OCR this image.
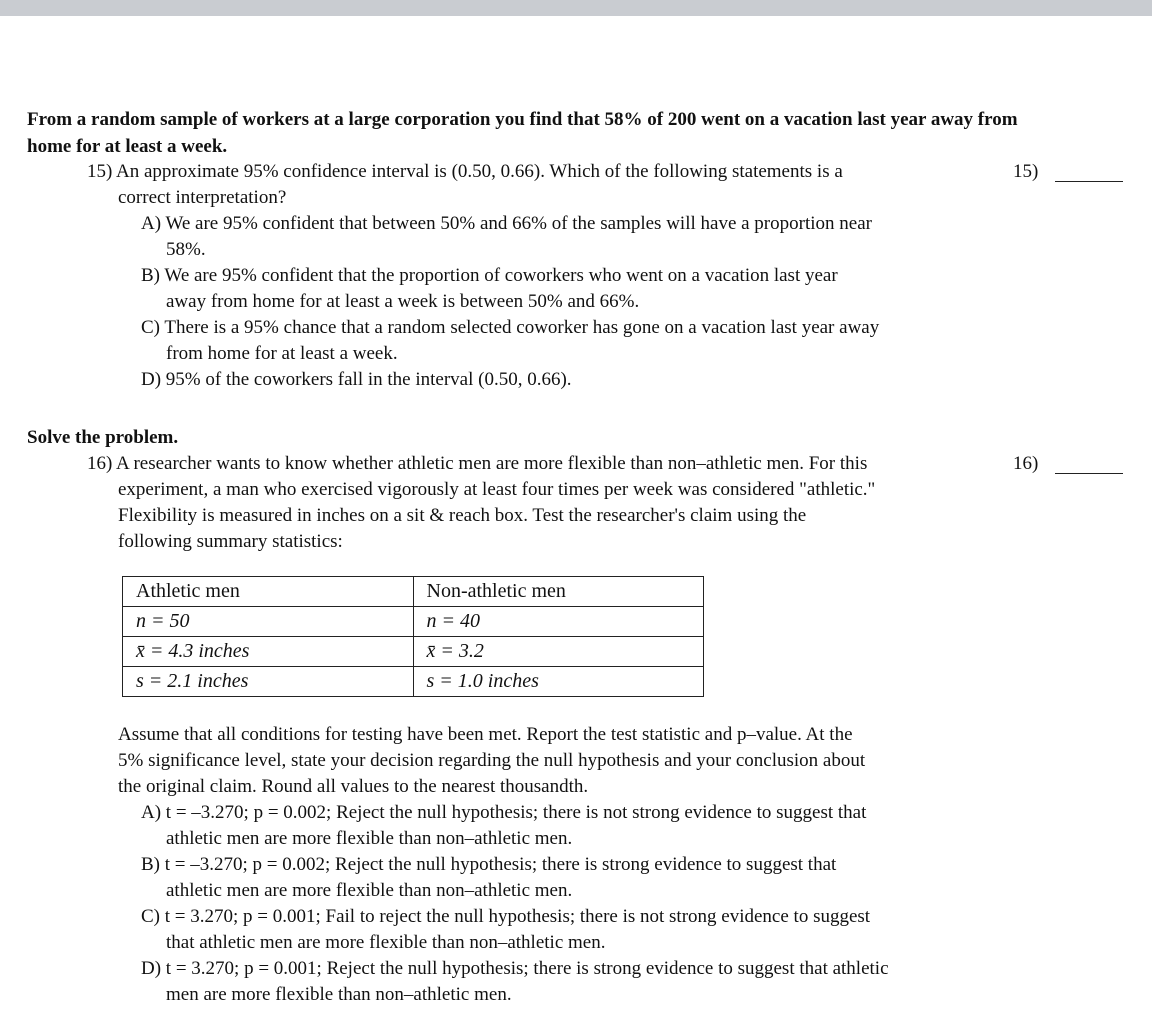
From a random sample of workers at a large corporation you find that 58% of 200 went on a vacation last year away from
home for at least a week.
15) An approximate 95% confidence interval is (0.50, 0.66). Which of the following statements is a
correct interpretation?
15)
A) We are 95% confident that between 50% and 66% of the samples will have a proportion near
58%.
B) We are 95% confident that the proportion of coworkers who went on a vacation last year
away from home for at least a week is between 50% and 66%.
C) There is a 95% chance that a random selected coworker has gone on a vacation last year away
from home for at least a week.
D) 95% of the coworkers fall in the interval (0.50, 0.66).
Solve the problem.
16) A researcher wants to know whether athletic men are more flexible than non–athletic men. For this
experiment, a man who exercised vigorously at least four times per week was considered "athletic."
Flexibility is measured in inches on a sit & reach box. Test the researcher's claim using the
following summary statistics:
16)
Athletic men	Non-athletic men
n = 50	n = 40
x̄ = 4.3 inches	x̄ = 3.2
s = 2.1 inches	s = 1.0 inches
Assume that all conditions for testing have been met. Report the test statistic and p–value. At the
5% significance level, state your decision regarding the null hypothesis and your conclusion about
the original claim. Round all values to the nearest thousandth.
A) t = –3.270; p = 0.002; Reject the null hypothesis; there is not strong evidence to suggest that
athletic men are more flexible than non–athletic men.
B) t = –3.270; p = 0.002; Reject the null hypothesis; there is strong evidence to suggest that
athletic men are more flexible than non–athletic men.
C) t = 3.270; p = 0.001; Fail to reject the null hypothesis; there is not strong evidence to suggest
that athletic men are more flexible than non–athletic men.
D) t = 3.270; p = 0.001; Reject the null hypothesis; there is strong evidence to suggest that athletic
men are more flexible than non–athletic men.
